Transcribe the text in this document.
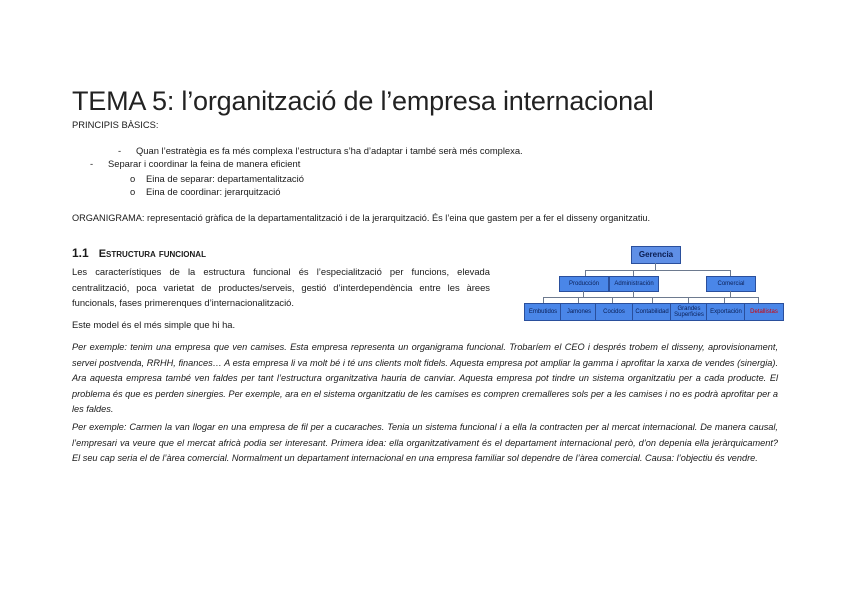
TEMA 5: l’organització de l’empresa internacional
PRINCIPIS BÀSICS:
- Quan l’estratègia es fa més complexa l’estructura s’ha d’adaptar i també serà més complexa.
- Separar i coordinar la feina de manera eficient
o Eina de separar: departamentalització
o Eina de coordinar: jerarquització
ORGANIGRAMA: representació gràfica de la departamentalització i de la jerarquització. És l’eina que gastem per a fer el disseny organitzatiu.
1.1 Estructura funcional
Les característiques de la estructura funcional és l’especialització per funcions, elevada centralització, poca varietat de productes/serveis, gestió d’interdependència entre les àrees funcionals, fases primerenques d’internacionalització.
Este model és el més simple que hi ha.
Gerencia
Producción	Administración	Comercial
Embutidos	Jamones	Cocidos	Contabilidad
Grandes Superficies
Exportación	Detallistas
Per exemple: tenim una empresa que ven camises. Esta empresa representa un organigrama funcional. Trobaríem el CEO i després trobem el disseny, aprovisionament, servei postvenda, RRHH, finances… A esta empresa li va molt bé i té uns clients molt fidels. Aquesta empresa pot ampliar la gamma i aprofitar la xarxa de vendes (sinergia). Ara aquesta empresa també ven faldes per tant l’estructura organitzativa hauria de canviar. Aquesta empresa pot tindre un sistema organitzatiu per a cada producte. El problema és que es perden sinergies. Per exemple, ara en el sistema organitzatiu de les camises es compren cremalleres sols per a les camises i no es podrà aprofitar per a les faldes.
Per exemple: Carmen la van llogar en una empresa de fil per a cucaraches. Tenia un sistema funcional i a ella la contracten per al mercat internacional. De manera causal, l’empresari va veure que el mercat africà podia ser interesant. Primera idea: ella organitzativament és el departament internacional però, d’on depenia ella jeràrquicament? El seu cap seria el de l’àrea comercial. Normalment un departament internacional en una empresa familiar sol dependre de l’àrea comercial. Causa: l’objectiu és vendre.
